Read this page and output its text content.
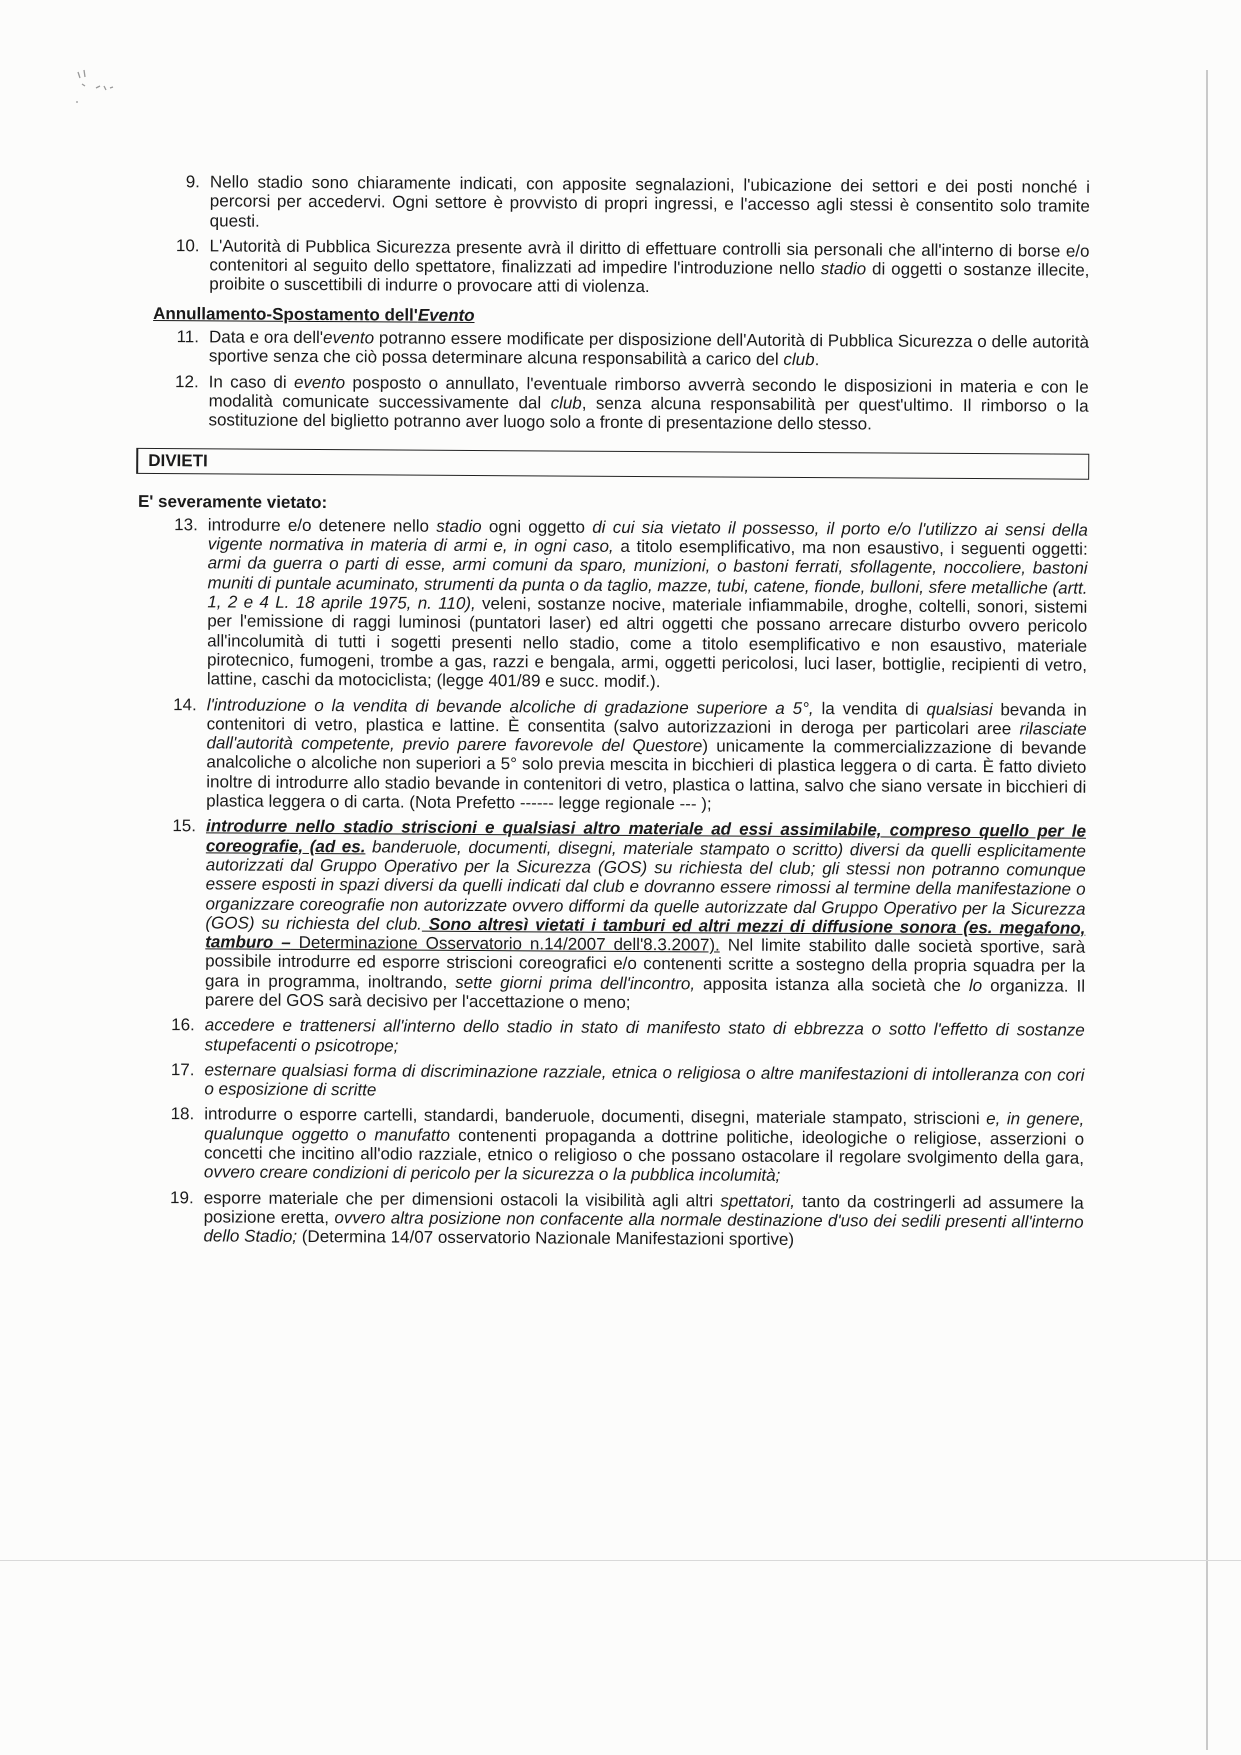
9. Nello stadio sono chiaramente indicati, con apposite segnalazioni, l'ubicazione dei settori e dei posti nonché i percorsi per accedervi. Ogni settore è provvisto di propri ingressi, e l'accesso agli stessi è consentito solo tramite questi.
10. L'Autorità di Pubblica Sicurezza presente avrà il diritto di effettuare controlli sia personali che all'interno di borse e/o contenitori al seguito dello spettatore, finalizzati ad impedire l'introduzione nello stadio di oggetti o sostanze illecite, proibite o suscettibili di indurre o provocare atti di violenza.
Annullamento-Spostamento dell'Evento
11. Data e ora dell'evento potranno essere modificate per disposizione dell'Autorità di Pubblica Sicurezza o delle autorità sportive senza che ciò possa determinare alcuna responsabilità a carico del club.
12. In caso di evento posposto o annullato, l'eventuale rimborso avverrà secondo le disposizioni in materia e con le modalità comunicate successivamente dal club, senza alcuna responsabilità per quest'ultimo. Il rimborso o la sostituzione del biglietto potranno aver luogo solo a fronte di presentazione dello stesso.
DIVIETI
E' severamente vietato:
13. introdurre e/o detenere nello stadio ogni oggetto di cui sia vietato il possesso, il porto e/o l'utilizzo ai sensi della vigente normativa in materia di armi e, in ogni caso, a titolo esemplificativo, ma non esaustivo, i seguenti oggetti: armi da guerra o parti di esse, armi comuni da sparo, munizioni, o bastoni ferrati, sfollagente, noccoliere, bastoni muniti di puntale acuminato, strumenti da punta o da taglio, mazze, tubi, catene, fionde, bulloni, sfere metalliche (artt. 1, 2 e 4 L. 18 aprile 1975, n. 110), veleni, sostanze nocive, materiale infiammabile, droghe, coltelli, sonori, sistemi per l'emissione di raggi luminosi (puntatori laser) ed altri oggetti che possano arrecare disturbo ovvero pericolo all'incolumità di tutti i sogetti presenti nello stadio, come a titolo esemplificativo e non esaustivo, materiale pirotecnico, fumogeni, trombe a gas, razzi e bengala, armi, oggetti pericolosi, luci laser, bottiglie, recipienti di vetro, lattine, caschi da motociclista; (legge 401/89 e succ. modif.).
14. l'introduzione o la vendita di bevande alcoliche di gradazione superiore a 5°, la vendita di qualsiasi bevanda in contenitori di vetro, plastica e lattine. È consentita (salvo autorizzazioni in deroga per particolari aree rilasciate dall'autorità competente, previo parere favorevole del Questore) unicamente la commercializzazione di bevande analcoliche o alcoliche non superiori a 5° solo previa mescita in bicchieri di plastica leggera o di carta. È fatto divieto inoltre di introdurre allo stadio bevande in contenitori di vetro, plastica o lattina, salvo che siano versate in bicchieri di plastica leggera o di carta. (Nota Prefetto ------ legge regionale --- );
15. introdurre nello stadio striscioni e qualsiasi altro materiale ad essi assimilabile, compreso quello per le coreografie, (ad es. banderuole, documenti, disegni, materiale stampato o scritto) diversi da quelli esplicitamente autorizzati dal Gruppo Operativo per la Sicurezza (GOS) su richiesta del club; gli stessi non potranno comunque essere esposti in spazi diversi da quelli indicati dal club e dovranno essere rimossi al termine della manifestazione o organizzare coreografie non autorizzate ovvero difformi da quelle autorizzate dal Gruppo Operativo per la Sicurezza (GOS) su richiesta del club. Sono altresì vietati i tamburi ed altri mezzi di diffusione sonora (es. megafono, tamburo – Determinazione Osservatorio n.14/2007 dell'8.3.2007). Nel limite stabilito dalle società sportive, sarà possibile introdurre ed esporre striscioni coreografici e/o contenenti scritte a sostegno della propria squadra per la gara in programma, inoltrando, sette giorni prima dell'incontro, apposita istanza alla società che lo organizza. Il parere del GOS sarà decisivo per l'accettazione o meno;
16. accedere e trattenersi all'interno dello stadio in stato di manifesto stato di ebbrezza o sotto l'effetto di sostanze stupefacenti o psicotrope;
17. esternare qualsiasi forma di discriminazione razziale, etnica o religiosa o altre manifestazioni di intolleranza con cori o esposizione di scritte
18. introdurre o esporre cartelli, standardi, banderuole, documenti, disegni, materiale stampato, striscioni e, in genere, qualunque oggetto o manufatto contenenti propaganda a dottrine politiche, ideologiche o religiose, asserzioni o concetti che incitino all'odio razziale, etnico o religioso o che possano ostacolare il regolare svolgimento della gara, ovvero creare condizioni di pericolo per la sicurezza o la pubblica incolumità;
19. esporre materiale che per dimensioni ostacoli la visibilità agli altri spettatori, tanto da costringerli ad assumere la posizione eretta, ovvero altra posizione non confacente alla normale destinazione d'uso dei sedili presenti all'interno dello Stadio; (Determina 14/07 osservatorio Nazionale Manifestazioni sportive)
